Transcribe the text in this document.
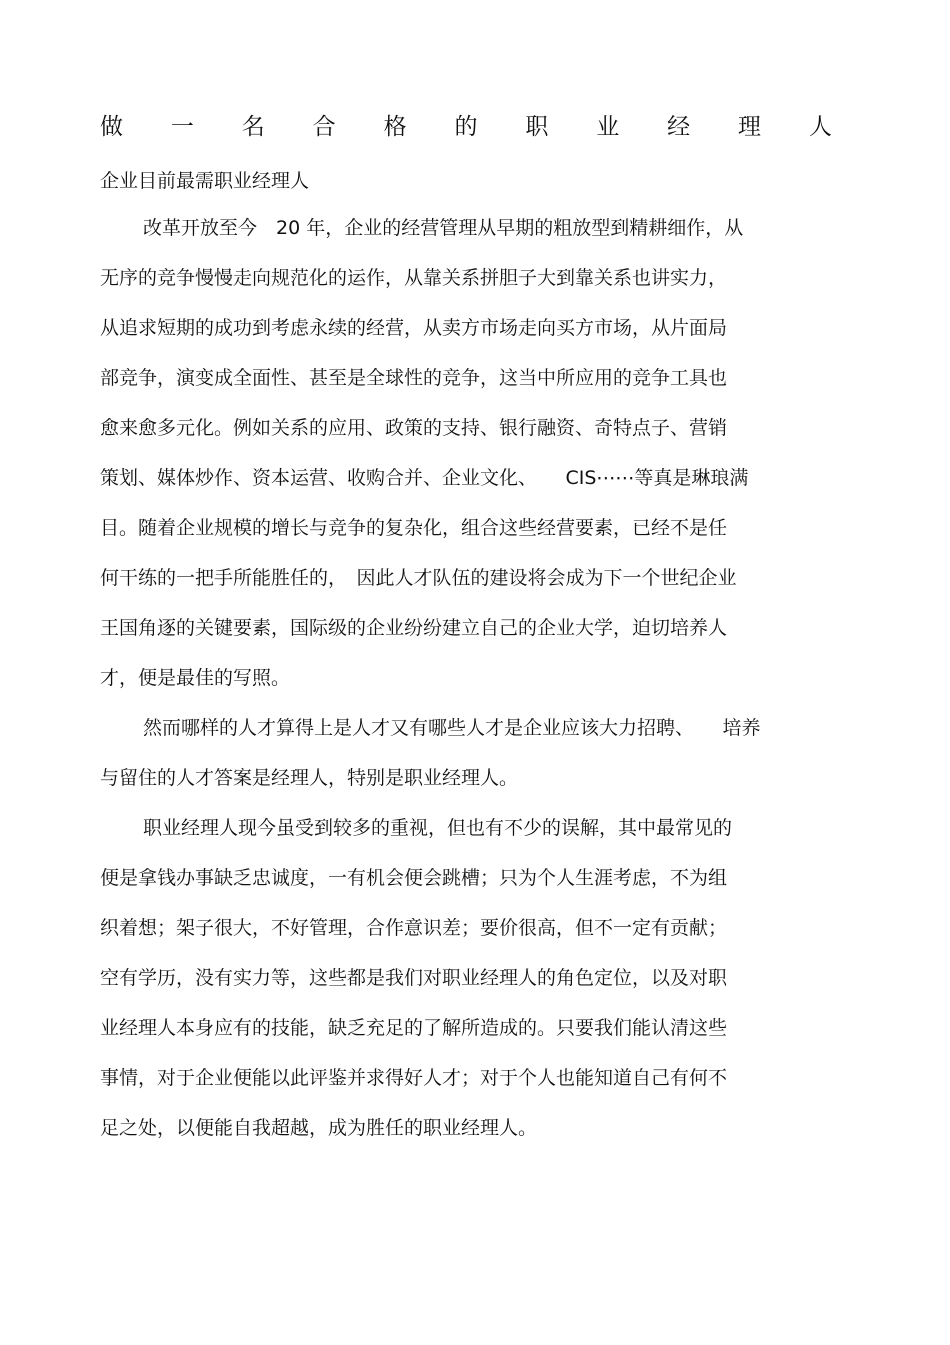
做 一 名 合 格 的 职 业 经 理 人
企业目前最需职业经理人
改革开放至今　20 年，企业的经营管理从早期的粗放型到精耕细作，从
无序的竞争慢慢走向规范化的运作，从靠关系拼胆子大到靠关系也讲实力，
从追求短期的成功到考虑永续的经营，从卖方市场走向买方市场，从片面局
部竞争，演变成全面性、甚至是全球性的竞争，这当中所应用的竞争工具也
愈来愈多元化。例如关系的应用、政策的支持、银行融资、奇特点子、营销
策划、媒体炒作、资本运营、收购合并、企业文化、　　CIS⋯⋯等真是琳琅满
目。随着企业规模的增长与竞争的复杂化，组合这些经营要素，已经不是任
何干练的一把手所能胜任的，　因此人才队伍的建设将会成为下一个世纪企业
王国角逐的关键要素，国际级的企业纷纷建立自己的企业大学，迫切培养人
才，便是最佳的写照。
然而哪样的人才算得上是人才又有哪些人才是企业应该大力招聘、　　培养
与留住的人才答案是经理人，特别是职业经理人。
职业经理人现今虽受到较多的重视，但也有不少的误解，其中最常见的
便是拿钱办事缺乏忠诚度，一有机会便会跳槽；只为个人生涯考虑，不为组
织着想；架子很大，不好管理，合作意识差；要价很高，但不一定有贡献；
空有学历，没有实力等，这些都是我们对职业经理人的角色定位，以及对职
业经理人本身应有的技能，缺乏充足的了解所造成的。只要我们能认清这些
事情，对于企业便能以此评鉴并求得好人才；对于个人也能知道自己有何不
足之处，以便能自我超越，成为胜任的职业经理人。
